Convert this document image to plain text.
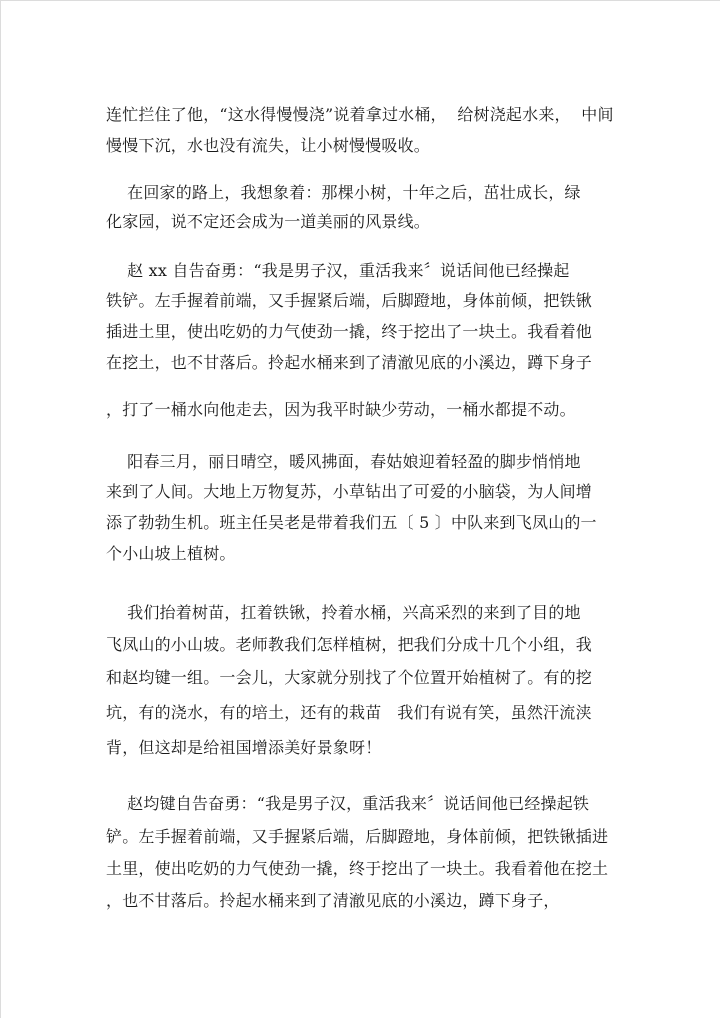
连忙拦住了他，“这水得慢慢浇”说着拿过水桶，  给树浇起水来，  中间
慢慢下沉，水也没有流失，让小树慢慢吸收。
在回家的路上，我想象着：那棵小树，十年之后，茁壮成长，绿
化家园，说不定还会成为一道美丽的风景线。
赵 xx 自告奋勇：“我是男子汉，重活我来〞说话间他已经操起
铁铲。左手握着前端，又手握紧后端，后脚蹬地，身体前倾，把铁锹
插进土里，使出吃奶的力气使劲一撬，终于挖出了一块土。我看着他
在挖土，也不甘落后。拎起水桶来到了清澈见底的小溪边，蹲下身子
，打了一桶水向他走去，因为我平时缺少劳动，一桶水都提不动。
阳春三月，丽日晴空，暖风拂面，春姑娘迎着轻盈的脚步悄悄地
来到了人间。大地上万物复苏，小草钻出了可爱的小脑袋，为人间增
添了勃勃生机。班主任吴老是带着我们五〔 5 〕中队来到飞凤山的一
个小山坡上植树。
我们抬着树苗，扛着铁锹，拎着水桶，兴高采烈的来到了目的地
飞凤山的小山坡。老师教我们怎样植树，把我们分成十几个小组，我
和赵均键一组。一会儿，大家就分别找了个位置开始植树了。有的挖
坑，有的浇水，有的培土，还有的栽苗   我们有说有笑，虽然汗流浃
背，但这却是给祖国增添美好景象呀！
赵均键自告奋勇：“我是男子汉，重活我来〞说话间他已经操起铁
铲。左手握着前端，又手握紧后端，后脚蹬地，身体前倾，把铁锹插进
土里，使出吃奶的力气使劲一撬，终于挖出了一块土。我看着他在挖土
，也不甘落后。拎起水桶来到了清澈见底的小溪边，蹲下身子，
